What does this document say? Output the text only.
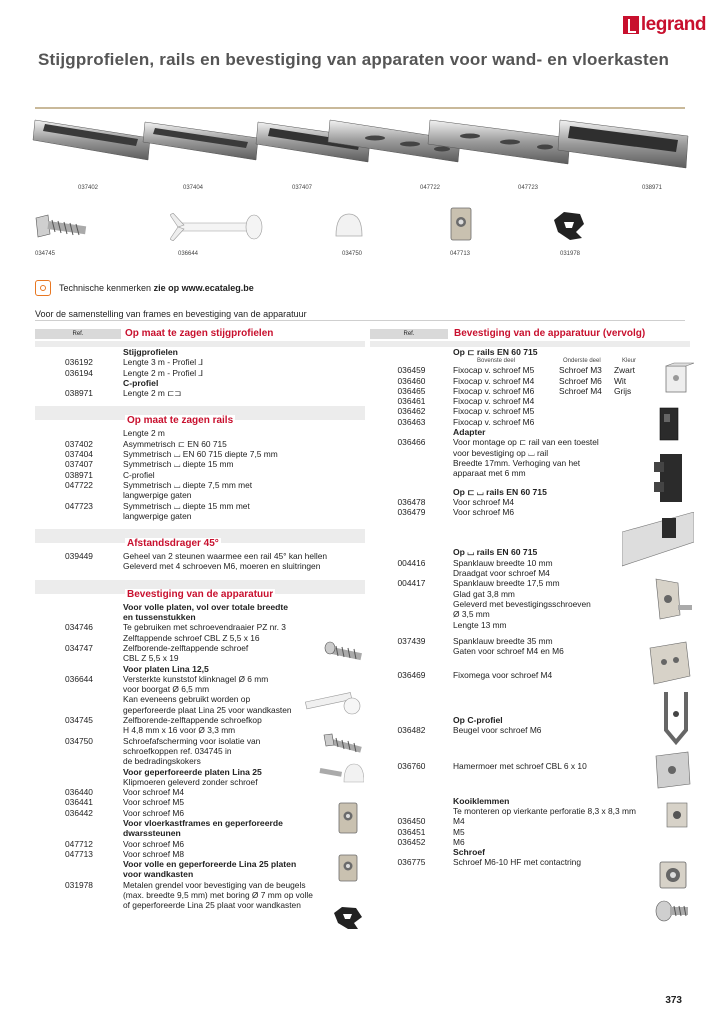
legrand
Stijgprofielen, rails en bevestiging van apparaten voor wand- en vloerkasten
037402	037404	037407	047722	047723	038971
034745	036644	034750	047713	031978
Technische kenmerken zie op www.ecataleg.be
Voor de samenstelling van frames en bevestiging van de apparatuur
Ref.	Op maat te zagen stijgprofielen
Stijgprofielen
036192	Lengte 3 m - Profiel ⅃
036194	Lengte 2 m - Profiel ⅃
C-profiel
038971	Lengte 2 m ⊏⊐
Op maat te zagen rails
Lengte 2 m
037402	Asymmetrisch ⊏ EN 60 715
037404	Symmetrisch ⌴ EN 60 715 diepte 7,5 mm
037407	Symmetrisch ⌴ diepte 15 mm
038971	C-profiel
047722	Symmetrisch ⌴ diepte 7,5 mm met
langwerpige gaten
047723	Symmetrisch ⌴ diepte 15 mm met
langwerpige gaten
Afstandsdrager 45°
039449	Geheel van 2 steunen waarmee een rail 45° kan hellen
Geleverd met 4 schroeven M6, moeren en sluitringen
Bevestiging van de apparatuur
Voor volle platen, vol over totale breedte
en tussenstukken
034746	Te gebruiken met schroevendraaier PZ nr. 3
Zelftappende schroef CBL Z 5,5 x 16
034747	Zelfborende-zelftappende schroef
CBL Z 5,5 x 19
Voor platen Lina 12,5
036644	Versterkte kunststof klinknagel Ø 6 mm
voor boorgat Ø 6,5 mm
Kan eveneens gebruikt worden op
geperforeerde plaat Lina 25 voor wandkasten
034745	Zelfborende-zelftappende schroefkop
H 4,8 mm x 16 voor Ø 3,3 mm
034750	Schroefafscherming voor isolatie van
schroefkoppen ref. 034745 in
de bedradingskokers
Voor geperforeerde platen Lina 25
Klipmoeren geleverd zonder schroef
036440	Voor schroef M4
036441	Voor schroef M5
036442	Voor schroef M6
Voor vloerkastframes en geperforeerde
dwarssteunen
047712	Voor schroef M6
047713	Voor schroef M8
Voor volle en geperforeerde Lina 25 platen
voor wandkasten
031978	Metalen grendel voor bevestiging van de beugels
(max. breedte 9,5 mm) met boring Ø 7 mm op volle
of geperforeerde Lina 25 plaat voor wandkasten
Ref.	Bevestiging van de apparatuur (vervolg)
Op ⊏ rails EN 60 715
Bovenste deel	Onderste deel	Kleur
036459	Fixocap v. schroef M5	Schroef M3	Zwart
036460	Fixocap v. schroef M4	Schroef M6	Wit
036465	Fixocap v. schroef M6	Schroef M4	Grijs
036461	Fixocap v. schroef M4
036462	Fixocap v. schroef M5
036463	Fixocap v. schroef M6
Adapter
036466	Voor montage op ⊏ rail van een toestel
voor bevestiging op ⌴ rail
Breedte 17mm. Verhoging van het
apparaat met 6 mm
Op ⊏ ⌴ rails EN 60 715
036478	Voor schroef M4
036479	Voor schroef M6
Op ⌴ rails EN 60 715
004416	Spanklauw breedte 10 mm
Draadgat voor schroef M4
004417	Spanklauw breedte 17,5 mm
Glad gat 3,8 mm
Geleverd met bevestigingsschroeven
Ø 3,5 mm
Lengte 13 mm
037439	Spanklauw breedte 35 mm
Gaten voor schroef M4 en M6
036469	Fixomega voor schroef M4
Op C-profiel
036482	Beugel voor schroef M6
036760	Hamermoer met schroef CBL 6 x 10
Kooiklemmen
Te monteren op vierkante perforatie 8,3 x 8,3 mm
036450	M4
036451	M5
036452	M6
Schroef
036775	Schroef M6-10 HF met contactring
373
